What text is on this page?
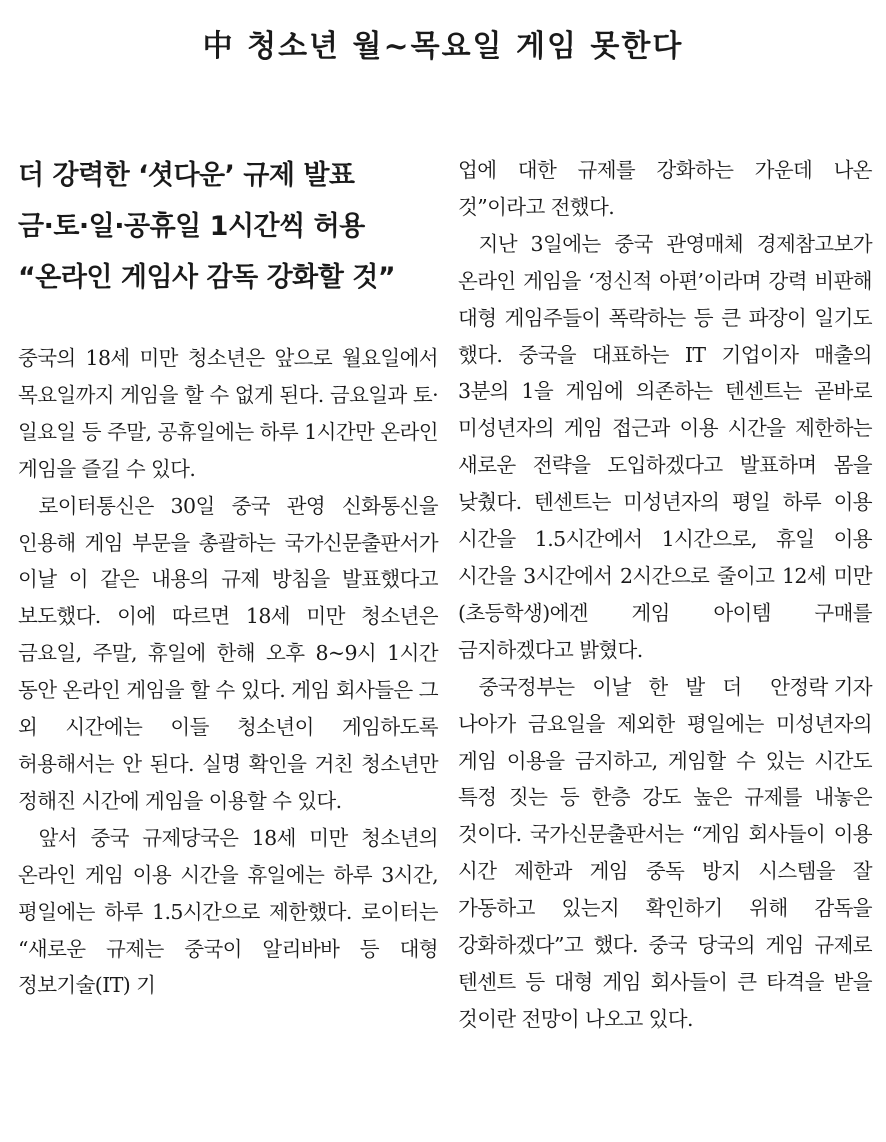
中 청소년 월~목요일 게임 못한다
더 강력한 ‘셧다운’ 규제 발표
금·토·일·공휴일 1시간씩 허용
“온라인 게임사 감독 강화할 것”

중국의 18세 미만 청소년은 앞으로 월요일에서 목요일까지 게임을 할 수 없게 된다. 금요일과 토·일요일 등 주말, 공휴일에는 하루 1시간만 온라인 게임을 즐길 수 있다.

로이터통신은 30일 중국 관영 신화통신을 인용해 게임 부문을 총괄하는 국가신문출판서가 이날 이 같은 내용의 규제 방침을 발표했다고 보도했다. 이에 따르면 18세 미만 청소년은 금요일, 주말, 휴일에 한해 오후 8~9시 1시간 동안 온라인 게임을 할 수 있다. 게임 회사들은 그 외 시간에는 이들 청소년이 게임하도록 허용해서는 안 된다. 실명 확인을 거친 청소년만 정해진 시간에 게임을 이용할 수 있다.

앞서 중국 규제당국은 18세 미만 청소년의 온라인 게임 이용 시간을 휴일에는 하루 3시간, 평일에는 하루 1.5시간으로 제한했다. 로이터는 “새로운 규제는 중국이 알리바바 등 대형 정보기술(IT) 기

업에 대한 규제를 강화하는 가운데 나온 것”이라고 전했다.

지난 3일에는 중국 관영매체 경제참고보가 온라인 게임을 ‘정신적 아편’이라며 강력 비판해 대형 게임주들이 폭락하는 등 큰 파장이 일기도 했다. 중국을 대표하는 IT 기업이자 매출의 3분의 1을 게임에 의존하는 텐센트는 곧바로 미성년자의 게임 접근과 이용 시간을 제한하는 새로운 전략을 도입하겠다고 발표하며 몸을 낮췄다. 텐센트는 미성년자의 평일 하루 이용 시간을 1.5시간에서 1시간으로, 휴일 이용 시간을 3시간에서 2시간으로 줄이고 12세 미만(초등학생)에겐 게임 아이템 구매를 금지하겠다고 밝혔다.

안정락 기자
중국정부는 이날 한 발 더 나아가 금요일을 제외한 평일에는 미성년자의 게임 이용을 금지하고, 게임할 수 있는 시간도 특정 짓는 등 한층 강도 높은 규제를 내놓은 것이다. 국가신문출판서는 “게임 회사들이 이용 시간 제한과 게임 중독 방지 시스템을 잘 가동하고 있는지 확인하기 위해 감독을 강화하겠다”고 했다. 중국 당국의 게임 규제로 텐센트 등 대형 게임 회사들이 큰 타격을 받을 것이란 전망이 나오고 있다.
